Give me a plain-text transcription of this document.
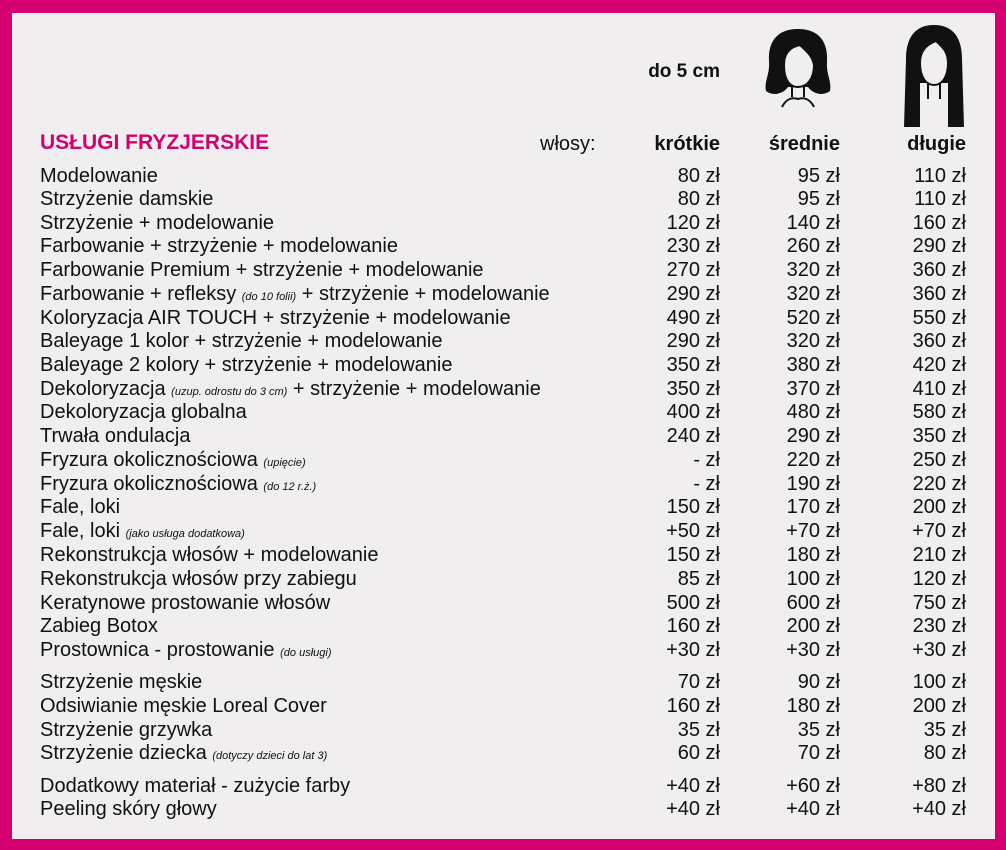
do 5 cm
USŁUGI FRYZJERSKIE	włosy:	krótkie	średnie	długie
Modelowanie	80 zł	95 zł	110 zł
Strzyżenie damskie	80 zł	95 zł	110 zł
Strzyżenie + modelowanie	120 zł	140 zł	160 zł
Farbowanie + strzyżenie + modelowanie	230 zł	260 zł	290 zł
Farbowanie Premium + strzyżenie + modelowanie	270 zł	320 zł	360 zł
Farbowanie + refleksy (do 10 folii) + strzyżenie + modelowanie	290 zł	320 zł	360 zł
Koloryzacja AIR TOUCH + strzyżenie + modelowanie	490 zł	520 zł	550 zł
Baleyage 1 kolor + strzyżenie + modelowanie	290 zł	320 zł	360 zł
Baleyage 2 kolory + strzyżenie + modelowanie	350 zł	380 zł	420 zł
Dekoloryzacja (uzup. odrostu do 3 cm) + strzyżenie + modelowanie	350 zł	370 zł	410 zł
Dekoloryzacja globalna	400 zł	480 zł	580 zł
Trwała ondulacja	240 zł	290 zł	350 zł
Fryzura okolicznościowa (upięcie)	- zł	220 zł	250 zł
Fryzura okolicznościowa (do 12 r.ż.)	- zł	190 zł	220 zł
Fale, loki	150 zł	170 zł	200 zł
Fale, loki (jako usługa dodatkowa)	+50 zł	+70 zł	+70 zł
Rekonstrukcja włosów + modelowanie	150 zł	180 zł	210 zł
Rekonstrukcja włosów przy zabiegu	85 zł	100 zł	120 zł
Keratynowe prostowanie włosów	500 zł	600 zł	750 zł
Zabieg Botox	160 zł	200 zł	230 zł
Prostownica - prostowanie (do usługi)	+30 zł	+30 zł	+30 zł
Strzyżenie męskie	70 zł	90 zł	100 zł
Odsiwianie męskie Loreal Cover	160 zł	180 zł	200 zł
Strzyżenie grzywka	35 zł	35 zł	35 zł
Strzyżenie dziecka (dotyczy dzieci do lat 3)	60 zł	70 zł	80 zł
Dodatkowy materiał - zużycie farby	+40 zł	+60 zł	+80 zł
Peeling skóry głowy	+40 zł	+40 zł	+40 zł
